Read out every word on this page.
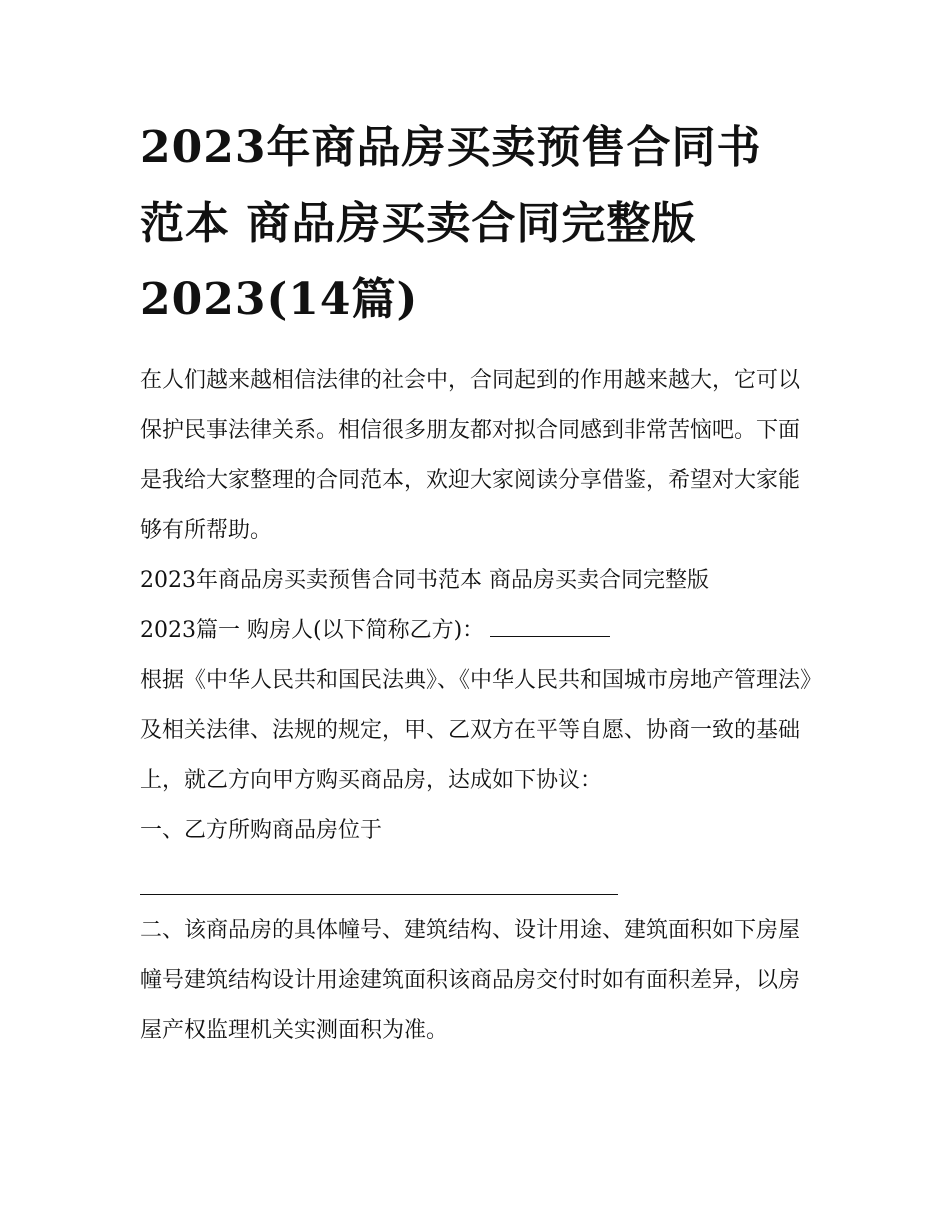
2023年商品房买卖预售合同书
范本 商品房买卖合同完整版
2023(14篇)

在人们越来越相信法律的社会中，合同起到的作用越来越大，它可以保护民事法律关系。相信很多朋友都对拟合同感到非常苦恼吧。下面是我给大家整理的合同范本，欢迎大家阅读分享借鉴，希望对大家能够有所帮助。

2023年商品房买卖预售合同书范本 商品房买卖合同完整版

2023篇一 购房人(以下简称乙方)：

根据《中华人民共和国民法典》、《中华人民共和国城市房地产管理法》及相关法律、法规的规定，甲、乙双方在平等自愿、协商一致的基础上，就乙方向甲方购买商品房，达成如下协议：

一、乙方所购商品房位于

二、该商品房的具体幢号、建筑结构、设计用途、建筑面积如下房屋幢号建筑结构设计用途建筑面积该商品房交付时如有面积差异，以房屋产权监理机关实测面积为准。
